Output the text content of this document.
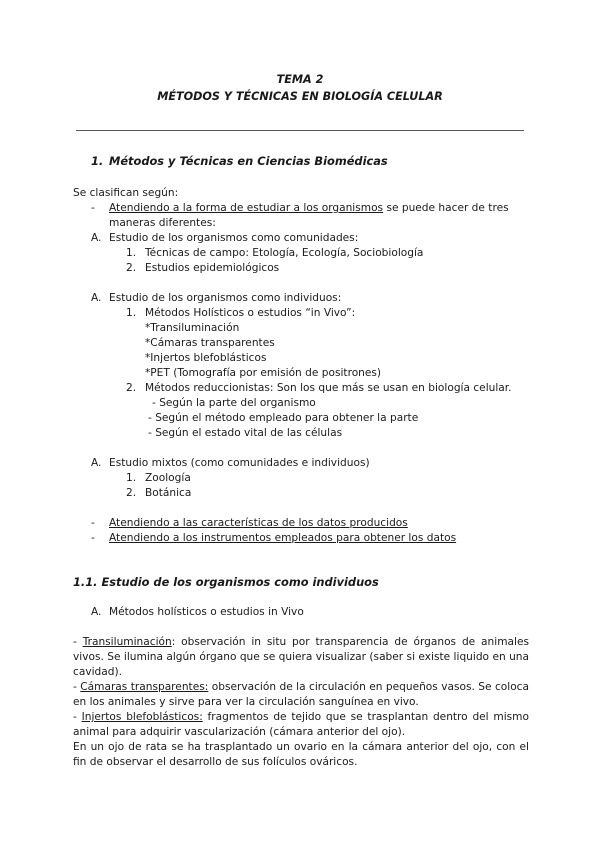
TEMA 2
MÉTODOS Y TÉCNICAS EN BIOLOGÍA CELULAR
1. Métodos y Técnicas en Ciencias Biomédicas
Se clasifican según:
- Atendiendo a la forma de estudiar a los organismos se puede hacer de tres
maneras diferentes:
A. Estudio de los organismos como comunidades:
1. Técnicas de campo: Etología, Ecología, Sociobiología
2. Estudios epidemiológicos
A. Estudio de los organismos como individuos:
1. Métodos Holísticos o estudios “in Vivo”:
*Transiluminación
*Cámaras transparentes
*Injertos blefoblásticos
*PET (Tomografía por emisión de positrones)
2. Métodos reduccionistas: Son los que más se usan en biología celular.
- Según la parte del organismo
- Según el método empleado para obtener la parte
- Según el estado vital de las células
A. Estudio mixtos (como comunidades e individuos)
1. Zoología
2. Botánica
- Atendiendo a las características de los datos producidos
- Atendiendo a los instrumentos empleados para obtener los datos
1.1. Estudio de los organismos como individuos
A. Métodos holísticos o estudios in Vivo
- Transiluminación: observación in situ por transparencia de órganos de animales vivos. Se ilumina algún órgano que se quiera visualizar (saber si existe liquido en una cavidad).
- Cámaras transparentes: observación de la circulación en pequeños vasos. Se coloca en los animales y sirve para ver la circulación sanguínea en vivo.
- Injertos blefoblásticos: fragmentos de tejido que se trasplantan dentro del mismo animal para adquirir vascularización (cámara anterior del ojo).
En un ojo de rata se ha trasplantado un ovario en la cámara anterior del ojo, con el fin de observar el desarrollo de sus folículos ováricos.
